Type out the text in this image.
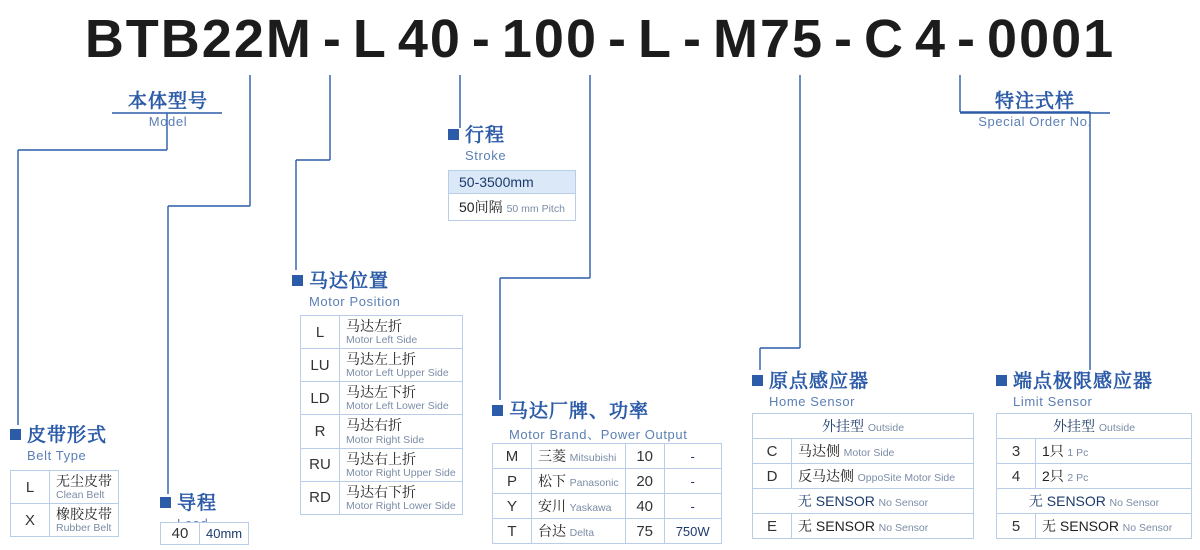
BTB22M - L 40 - 100 - L - M75 - C 4 - 0001
本体型号
Model
特注式样
Special Order No.
行程
Stroke
50-3500mm
50间隔 50 mm Pitch
皮带形式
Belt Type
L	无尘皮带
Clean Belt

X	橡胶皮带
Rubber Belt
导程
40	40mm
马达位置
Motor Position
L	马达左折
Motor Left Side

LU	马达左上折
Motor Left Upper Side

LD	马达左下折
Motor Left Lower Side

R	马达右折
Motor Right Side

RU	马达右上折
Motor Right Upper Side

RD	马达右下折
Motor Right Lower Side
马达厂牌、功率
Motor Brand、Power Output
M	三菱 Mitsubishi	10	-
P	松下 Panasonic	20	-
Y	安川 Yaskawa	40	-
T	台达 Delta	75	750W
原点感应器
Home Sensor
外挂型 Outside	
C	马达侧 Motor Side
D	反马达侧 OppoSite Motor Side
无 SENSOR No Sensor	
E	无 SENSOR No Sensor
端点极限感应器
Limit Sensor
外挂型 Outside	
3	1只 1 Pc
4	2只 2 Pc
无 SENSOR No Sensor	
5	无 SENSOR No Sensor
